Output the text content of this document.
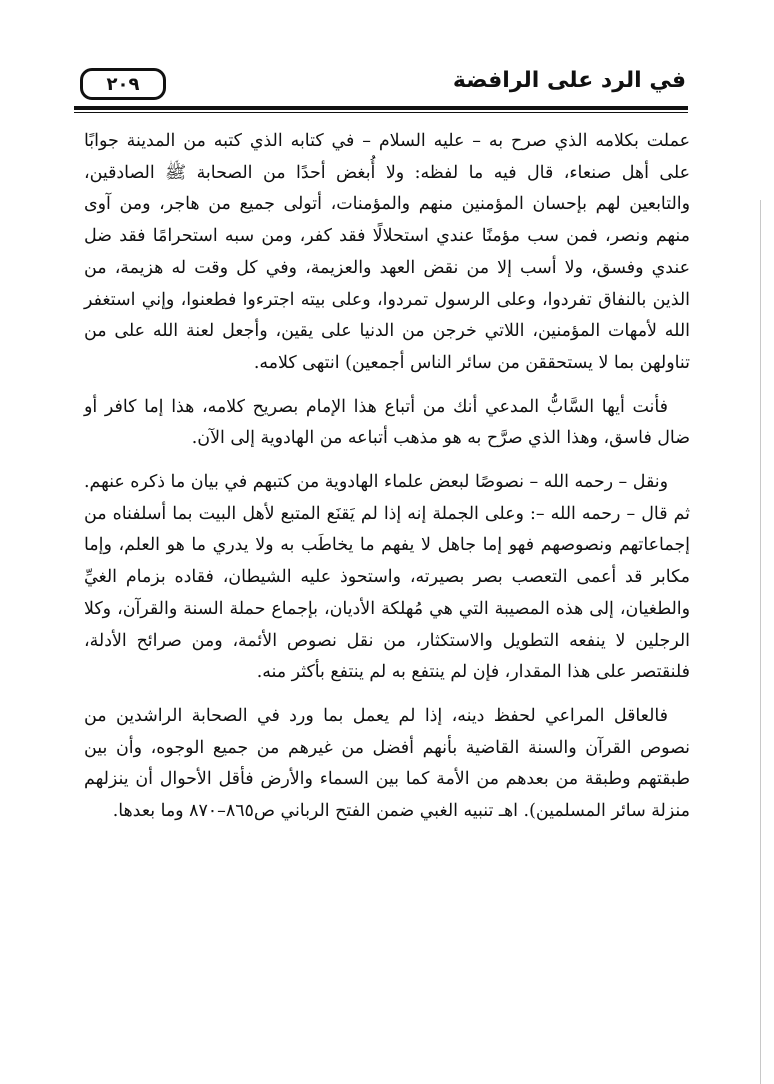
٢٠٩	في الرد على الرافضة

عملت بكلامه الذي صرح به – عليه السلام – في كتابه الذي كتبه من المدينة جوابًا على أهل صنعاء، قال فيه ما لفظه: ولا أُبغض أحدًا من الصحابة ﷺ الصادقين، والتابعين لهم بإحسان المؤمنين منهم والمؤمنات، أتولى جميع من هاجر، ومن آوى منهم ونصر، فمن سب مؤمنًا عندي استحلالًا فقد كفر، ومن سبه استحرامًا فقد ضل عندي وفسق، ولا أسب إلا من نقض العهد والعزيمة، وفي كل وقت له هزيمة، من الذين بالنفاق تفردوا، وعلى الرسول تمردوا، وعلى بيته اجترءوا فطعنوا، وإني استغفر الله لأمهات المؤمنين، اللاتي خرجن من الدنيا على يقين، وأجعل لعنة الله على من تناولهن بما لا يستحققن من سائر الناس أجمعين) انتهى كلامه.

فأنت أيها السَّابُّ المدعي أنك من أتباع هذا الإمام بصريح كلامه، هذا إما كافر أو ضال فاسق، وهذا الذي صرَّح به هو مذهب أتباعه من الهادوية إلى الآن.

ونقل – رحمه الله – نصوصًا لبعض علماء الهادوية من كتبهم في بيان ما ذكره عنهم. ثم قال – رحمه الله –: وعلى الجملة إنه إذا لم يَقنَع المتبع لأهل البيت بما أسلفناه من إجماعاتهم ونصوصهم فهو إما جاهل لا يفهم ما يخاطَب به ولا يدري ما هو العلم، وإما مكابر قد أعمى التعصب بصر بصيرته، واستحوذ عليه الشيطان، فقاده بزمام الغيِّ والطغيان، إلى هذه المصيبة التي هي مُهلكة الأديان، بإجماع حملة السنة والقرآن، وكلا الرجلين لا ينفعه التطويل والاستكثار، من نقل نصوص الأئمة، ومن صرائح الأدلة، فلنقتصر على هذا المقدار، فإن لم ينتفع به لم ينتفع بأكثر منه.

فالعاقل المراعي لحفظ دينه، إذا لم يعمل بما ورد في الصحابة الراشدين من نصوص القرآن والسنة القاضية بأنهم أفضل من غيرهم من جميع الوجوه، وأن بين طبقتهم وطبقة من بعدهم من الأمة كما بين السماء والأرض فأقل الأحوال أن ينزلهم منزلة سائر المسلمين). اهـ تنبيه الغبي ضمن الفتح الرباني ص٨٦٥–٨٧٠ وما بعدها.
